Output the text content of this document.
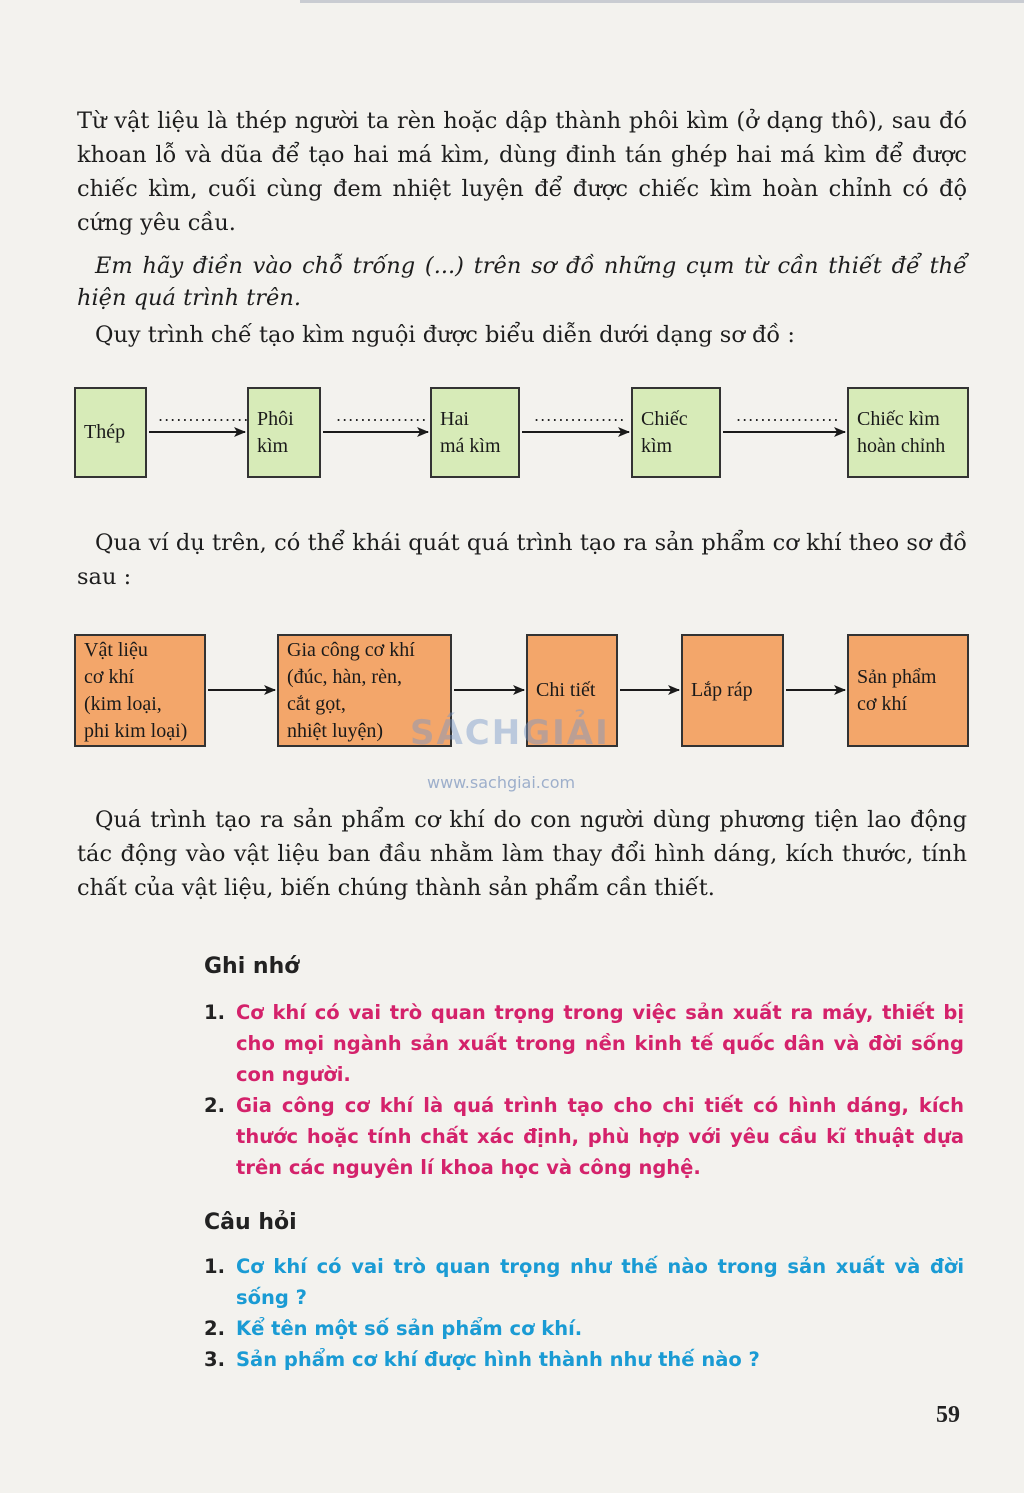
Từ vật liệu là thép người ta rèn hoặc dập thành phôi kìm (ở dạng thô), sau đó khoan lỗ và dũa để tạo hai má kìm, dùng đinh tán ghép hai má kìm để được chiếc kìm, cuối cùng đem nhiệt luyện để được chiếc kìm hoàn chỉnh có độ cứng yêu cầu.

Em hãy điền vào chỗ trống (...) trên sơ đồ những cụm từ cần thiết để thể hiện quá trình trên.

Quy trình chế tạo kìm nguội được biểu diễn dưới dạng sơ đồ :

Thép
Phôi
kìm
Hai
má kìm
Chiếc
kìm
Chiếc kìm
hoàn chỉnh
...............	...............	...............	.................

Qua ví dụ trên, có thể khái quát quá trình tạo ra sản phẩm cơ khí theo sơ đồ sau :

Vật liệu
cơ khí
(kim loại,
phi kim loại)
Gia công cơ khí
(đúc, hàn, rèn,
cắt gọt,
nhiệt luyện)
Chi tiết	Lắp ráp
Sản phẩm
cơ khí
SÁCHGIẢI
www.sachgiai.com

Quá trình tạo ra sản phẩm cơ khí do con người dùng phương tiện lao động tác động vào vật liệu ban đầu nhằm làm thay đổi hình dáng, kích thước, tính chất của vật liệu, biến chúng thành sản phẩm cần thiết.

Ghi nhớ
1. Cơ khí có vai trò quan trọng trong việc sản xuất ra máy, thiết bị cho mọi ngành sản xuất trong nền kinh tế quốc dân và đời sống con người.
2. Gia công cơ khí là quá trình tạo cho chi tiết có hình dáng, kích thước hoặc tính chất xác định, phù hợp với yêu cầu kĩ thuật dựa trên các nguyên lí khoa học và công nghệ.
Câu hỏi
1. Cơ khí có vai trò quan trọng như thế nào trong sản xuất và đời sống ?
2. Kể tên một số sản phẩm cơ khí.
3. Sản phẩm cơ khí được hình thành như thế nào ?
59
